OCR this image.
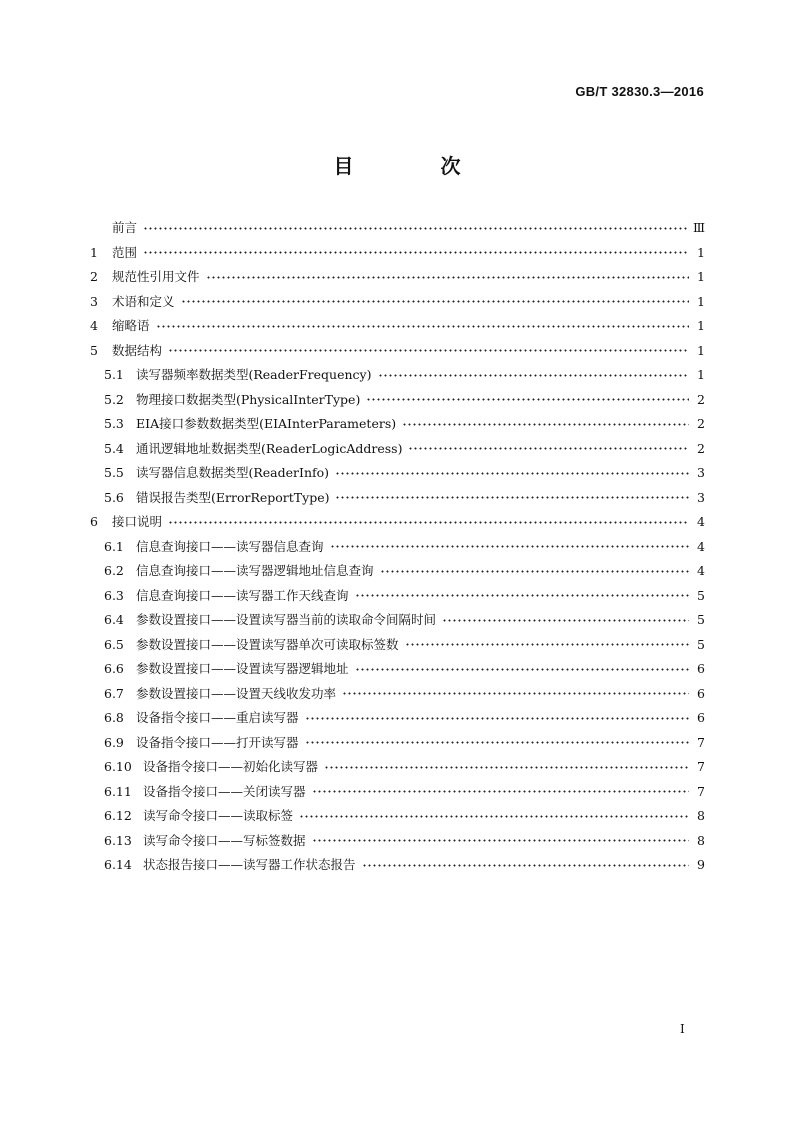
GB/T 32830.3—2016
目 次
前言	Ⅲ
1	范围	1
2	规范性引用文件	1
3	术语和定义	1
4	缩略语	1
5	数据结构	1
5.1 读写器频率数据类型(ReaderFrequency)	1
5.2 物理接口数据类型(PhysicalInterType)	2
5.3 EIA接口参数数据类型(EIAInterParameters)	2
5.4 通讯逻辑地址数据类型(ReaderLogicAddress)	2
5.5 读写器信息数据类型(ReaderInfo)	3
5.6 错误报告类型(ErrorReportType)	3
6	接口说明	4
6.1 信息查询接口——读写器信息查询	4
6.2 信息查询接口——读写器逻辑地址信息查询	4
6.3 信息查询接口——读写器工作天线查询	5
6.4 参数设置接口——设置读写器当前的读取命令间隔时间	5
6.5 参数设置接口——设置读写器单次可读取标签数	5
6.6 参数设置接口——设置读写器逻辑地址	6
6.7 参数设置接口——设置天线收发功率	6
6.8 设备指令接口——重启读写器	6
6.9 设备指令接口——打开读写器	7
6.10 设备指令接口——初始化读写器	7
6.11 设备指令接口——关闭读写器	7
6.12 读写命令接口——读取标签	8
6.13 读写命令接口——写标签数据	8
6.14 状态报告接口——读写器工作状态报告	9
Ⅰ
